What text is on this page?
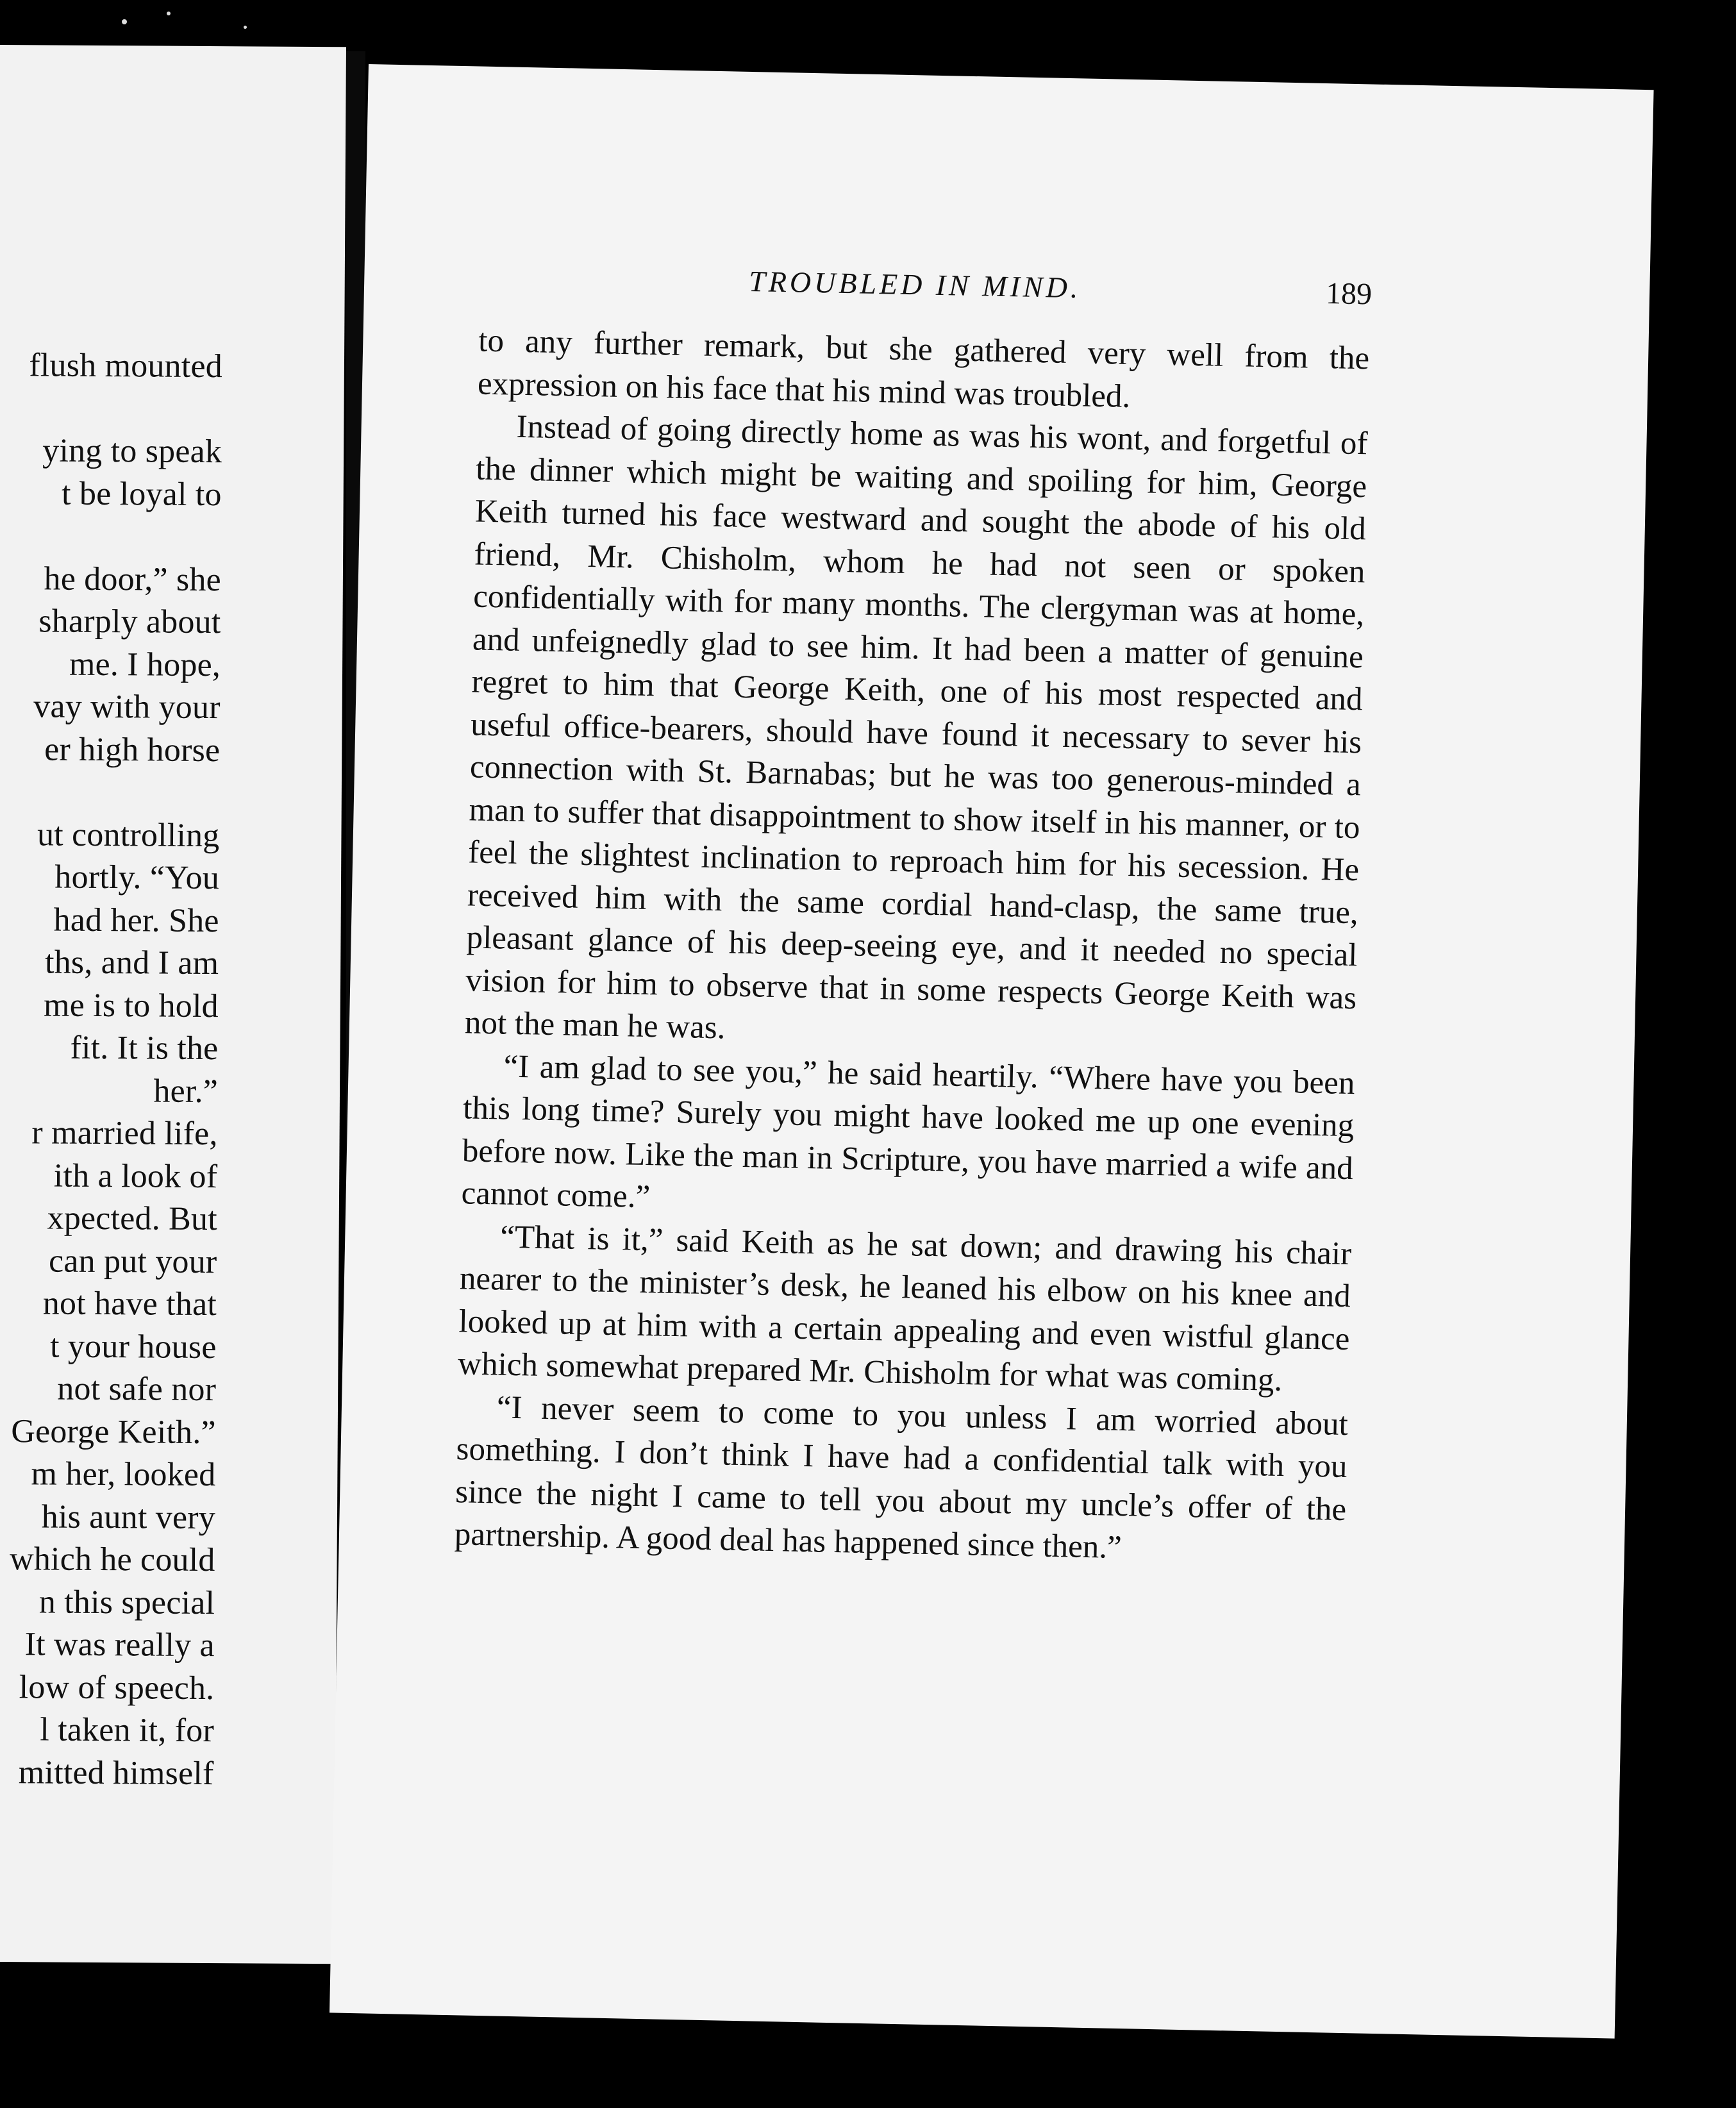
flush mounted
ying to speak
t be loyal to
he door,” she
sharply about
me. I hope,
vay with your
er high horse
ut controlling
hortly. “You
had her. She
ths, and I am
me is to hold
fit. It is the
her.”
r married life,
ith a look of
xpected. But
can put your
not have that
t your house
not safe nor
George Keith.”
m her, looked
his aunt very
which he could
n this special
It was really a
low of speech.
l taken it, for
mitted himself
TROUBLED IN MIND.	189

to any further remark, but she gathered very well from the expression on his face that his mind was troubled.

Instead of going directly home as was his wont, and forgetful of the dinner which might be waiting and spoiling for him, George Keith turned his face westward and sought the abode of his old friend, Mr. Chisholm, whom he had not seen or spoken confidentially with for many months. The clergyman was at home, and unfeignedly glad to see him. It had been a matter of genuine regret to him that George Keith, one of his most respected and useful office-bearers, should have found it necessary to sever his connection with St. Barnabas; but he was too generous-minded a man to suffer that disappointment to show itself in his manner, or to feel the slightest inclination to reproach him for his secession. He received him with the same cordial hand-clasp, the same true, pleasant glance of his deep-seeing eye, and it needed no special vision for him to observe that in some respects George Keith was not the man he was.

“I am glad to see you,” he said heartily. “Where have you been this long time? Surely you might have looked me up one evening before now. Like the man in Scripture, you have married a wife and cannot come.”

“That is it,” said Keith as he sat down; and drawing his chair nearer to the minister’s desk, he leaned his elbow on his knee and looked up at him with a certain appealing and even wistful glance which somewhat prepared Mr. Chisholm for what was coming.

“I never seem to come to you unless I am worried about something. I don’t think I have had a confidential talk with you since the night I came to tell you about my uncle’s offer of the partnership. A good deal has happened since then.”
